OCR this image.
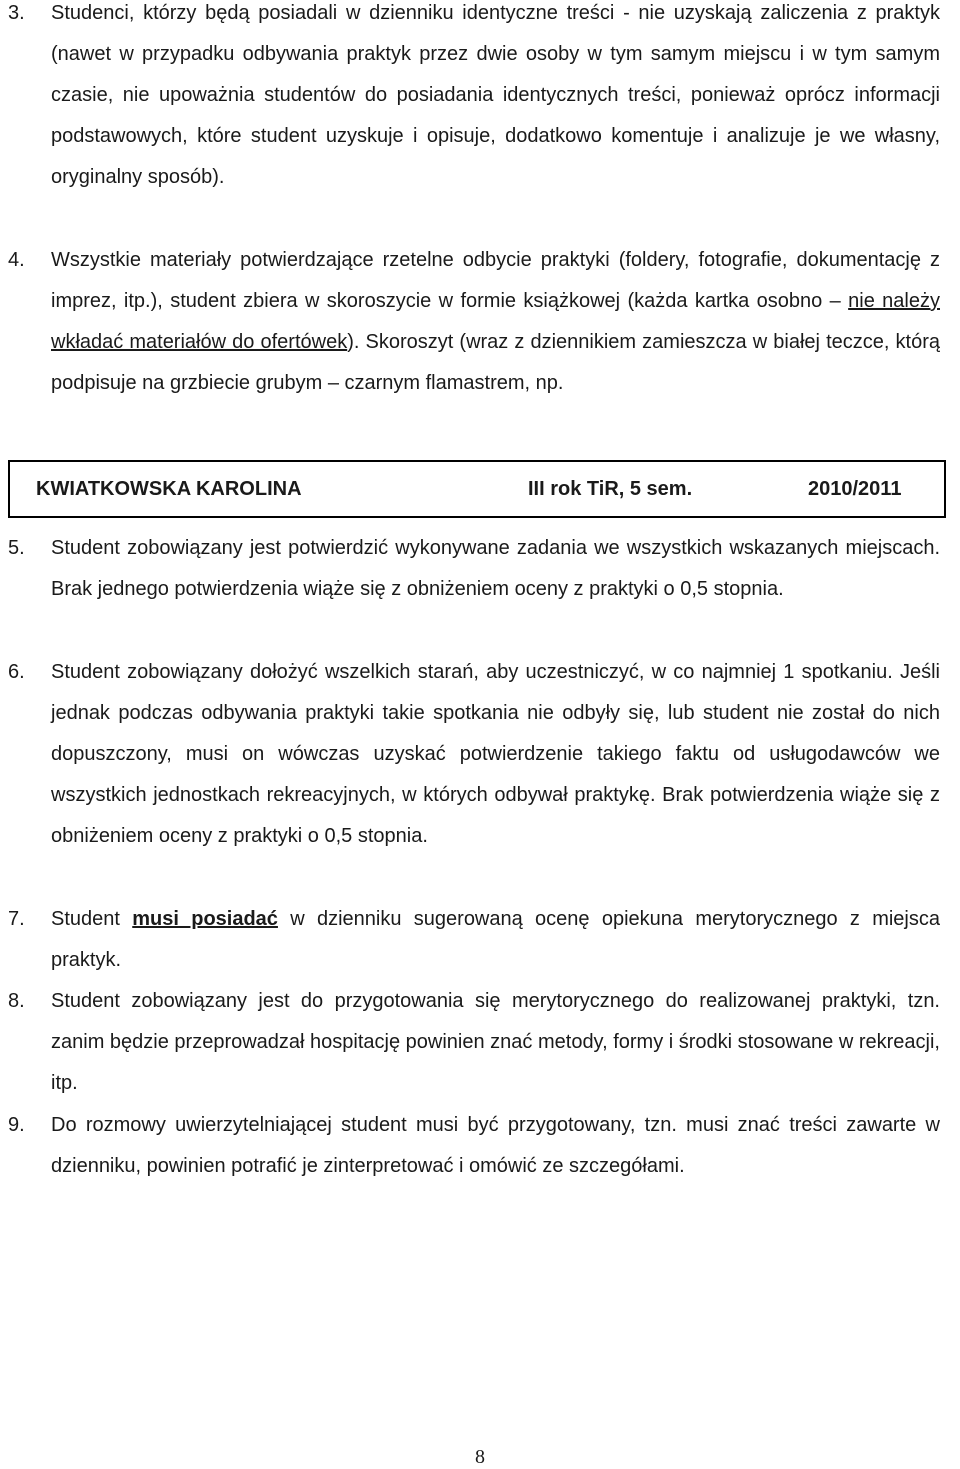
3. Studenci, którzy będą posiadali w dzienniku identyczne treści - nie uzyskają zaliczenia z praktyk (nawet w przypadku odbywania praktyk przez dwie osoby w tym samym miejscu i w tym samym czasie, nie upoważnia studentów do posiadania identycznych treści, ponieważ oprócz informacji podstawowych, które student uzyskuje i opisuje, dodatkowo komentuje i analizuje je we własny, oryginalny sposób).
4. Wszystkie materiały potwierdzające rzetelne odbycie praktyki (foldery, fotografie, dokumentację z imprez, itp.), student zbiera w skoroszycie w formie książkowej (każda kartka osobno – nie należy wkładać materiałów do ofertówek). Skoroszyt (wraz z dziennikiem zamieszcza w białej teczce, którą podpisuje na grzbiecie grubym – czarnym flamastrem, np.
KWIATKOWSKA KAROLINA	III rok TiR, 5 sem.	2010/2011
5. Student zobowiązany jest potwierdzić wykonywane zadania we wszystkich wskazanych miejscach. Brak jednego potwierdzenia wiąże się z obniżeniem oceny z praktyki o 0,5 stopnia.
6. Student zobowiązany dołożyć wszelkich starań, aby uczestniczyć, w co najmniej 1 spotkaniu. Jeśli jednak podczas odbywania praktyki takie spotkania nie odbyły się, lub student nie został do nich dopuszczony, musi on wówczas uzyskać potwierdzenie takiego faktu od usługodawców we wszystkich jednostkach rekreacyjnych, w których odbywał praktykę. Brak potwierdzenia wiąże się z obniżeniem oceny z praktyki o 0,5 stopnia.
7. Student musi posiadać w dzienniku sugerowaną ocenę opiekuna merytorycznego z miejsca praktyk.
8. Student zobowiązany jest do przygotowania się merytorycznego do realizowanej praktyki, tzn. zanim będzie przeprowadzał hospitację powinien znać metody, formy i środki stosowane w rekreacji, itp.
9. Do rozmowy uwierzytelniającej student musi być przygotowany, tzn. musi znać treści zawarte w dzienniku, powinien potrafić je zinterpretować i omówić ze szczegółami.
8
